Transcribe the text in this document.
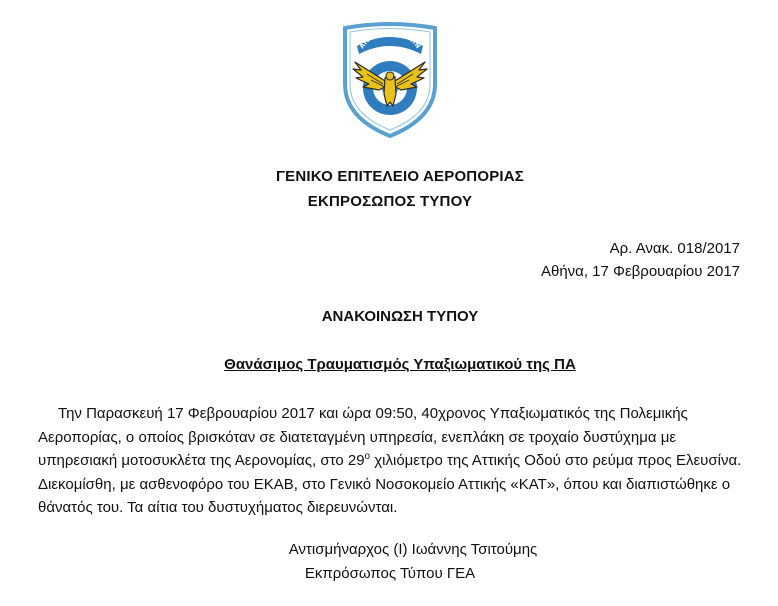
ΑΙΕΝ ΥΨΙΚΡΑΤΕΙΝ
ΓΕΝΙΚΟ ΕΠΙΤΕΛΕΙΟ ΑΕΡΟΠΟΡΙΑΣ
ΕΚΠΡΟΣΩΠΟΣ ΤΥΠΟΥ
Αρ. Ανακ. 018/2017
Αθήνα, 17 Φεβρουαρίου 2017
ΑΝΑΚΟΙΝΩΣΗ ΤΥΠΟΥ
Θανάσιμος Τραυματισμός Υπαξιωματικού της ΠΑ

Την Παρασκευή 17 Φεβρουαρίου 2017 και ώρα 09:50, 40χρονος Υπαξιωματικός της Πολεμικής Αεροπορίας, ο οποίος βρισκόταν σε διατεταγμένη υπηρεσία, ενεπλάκη σε τροχαίο δυστύχημα με υπηρεσιακή μοτοσυκλέτα της Αερονομίας, στο $29^o$ χιλιόμετρο της Αττικής Οδού στο ρεύμα προς Ελευσίνα. Διεκομίσθη, με ασθενοφόρο του ΕΚΑΒ, στο Γενικό Νοσοκομείο Αττικής «ΚΑΤ», όπου και διαπιστώθηκε ο θάνατός του. Τα αίτια του δυστυχήματος διερευνώνται.

Αντισμήναρχος (Ι) Ιωάννης Τσιτούμης
Εκπρόσωπος Τύπου ΓΕΑ
